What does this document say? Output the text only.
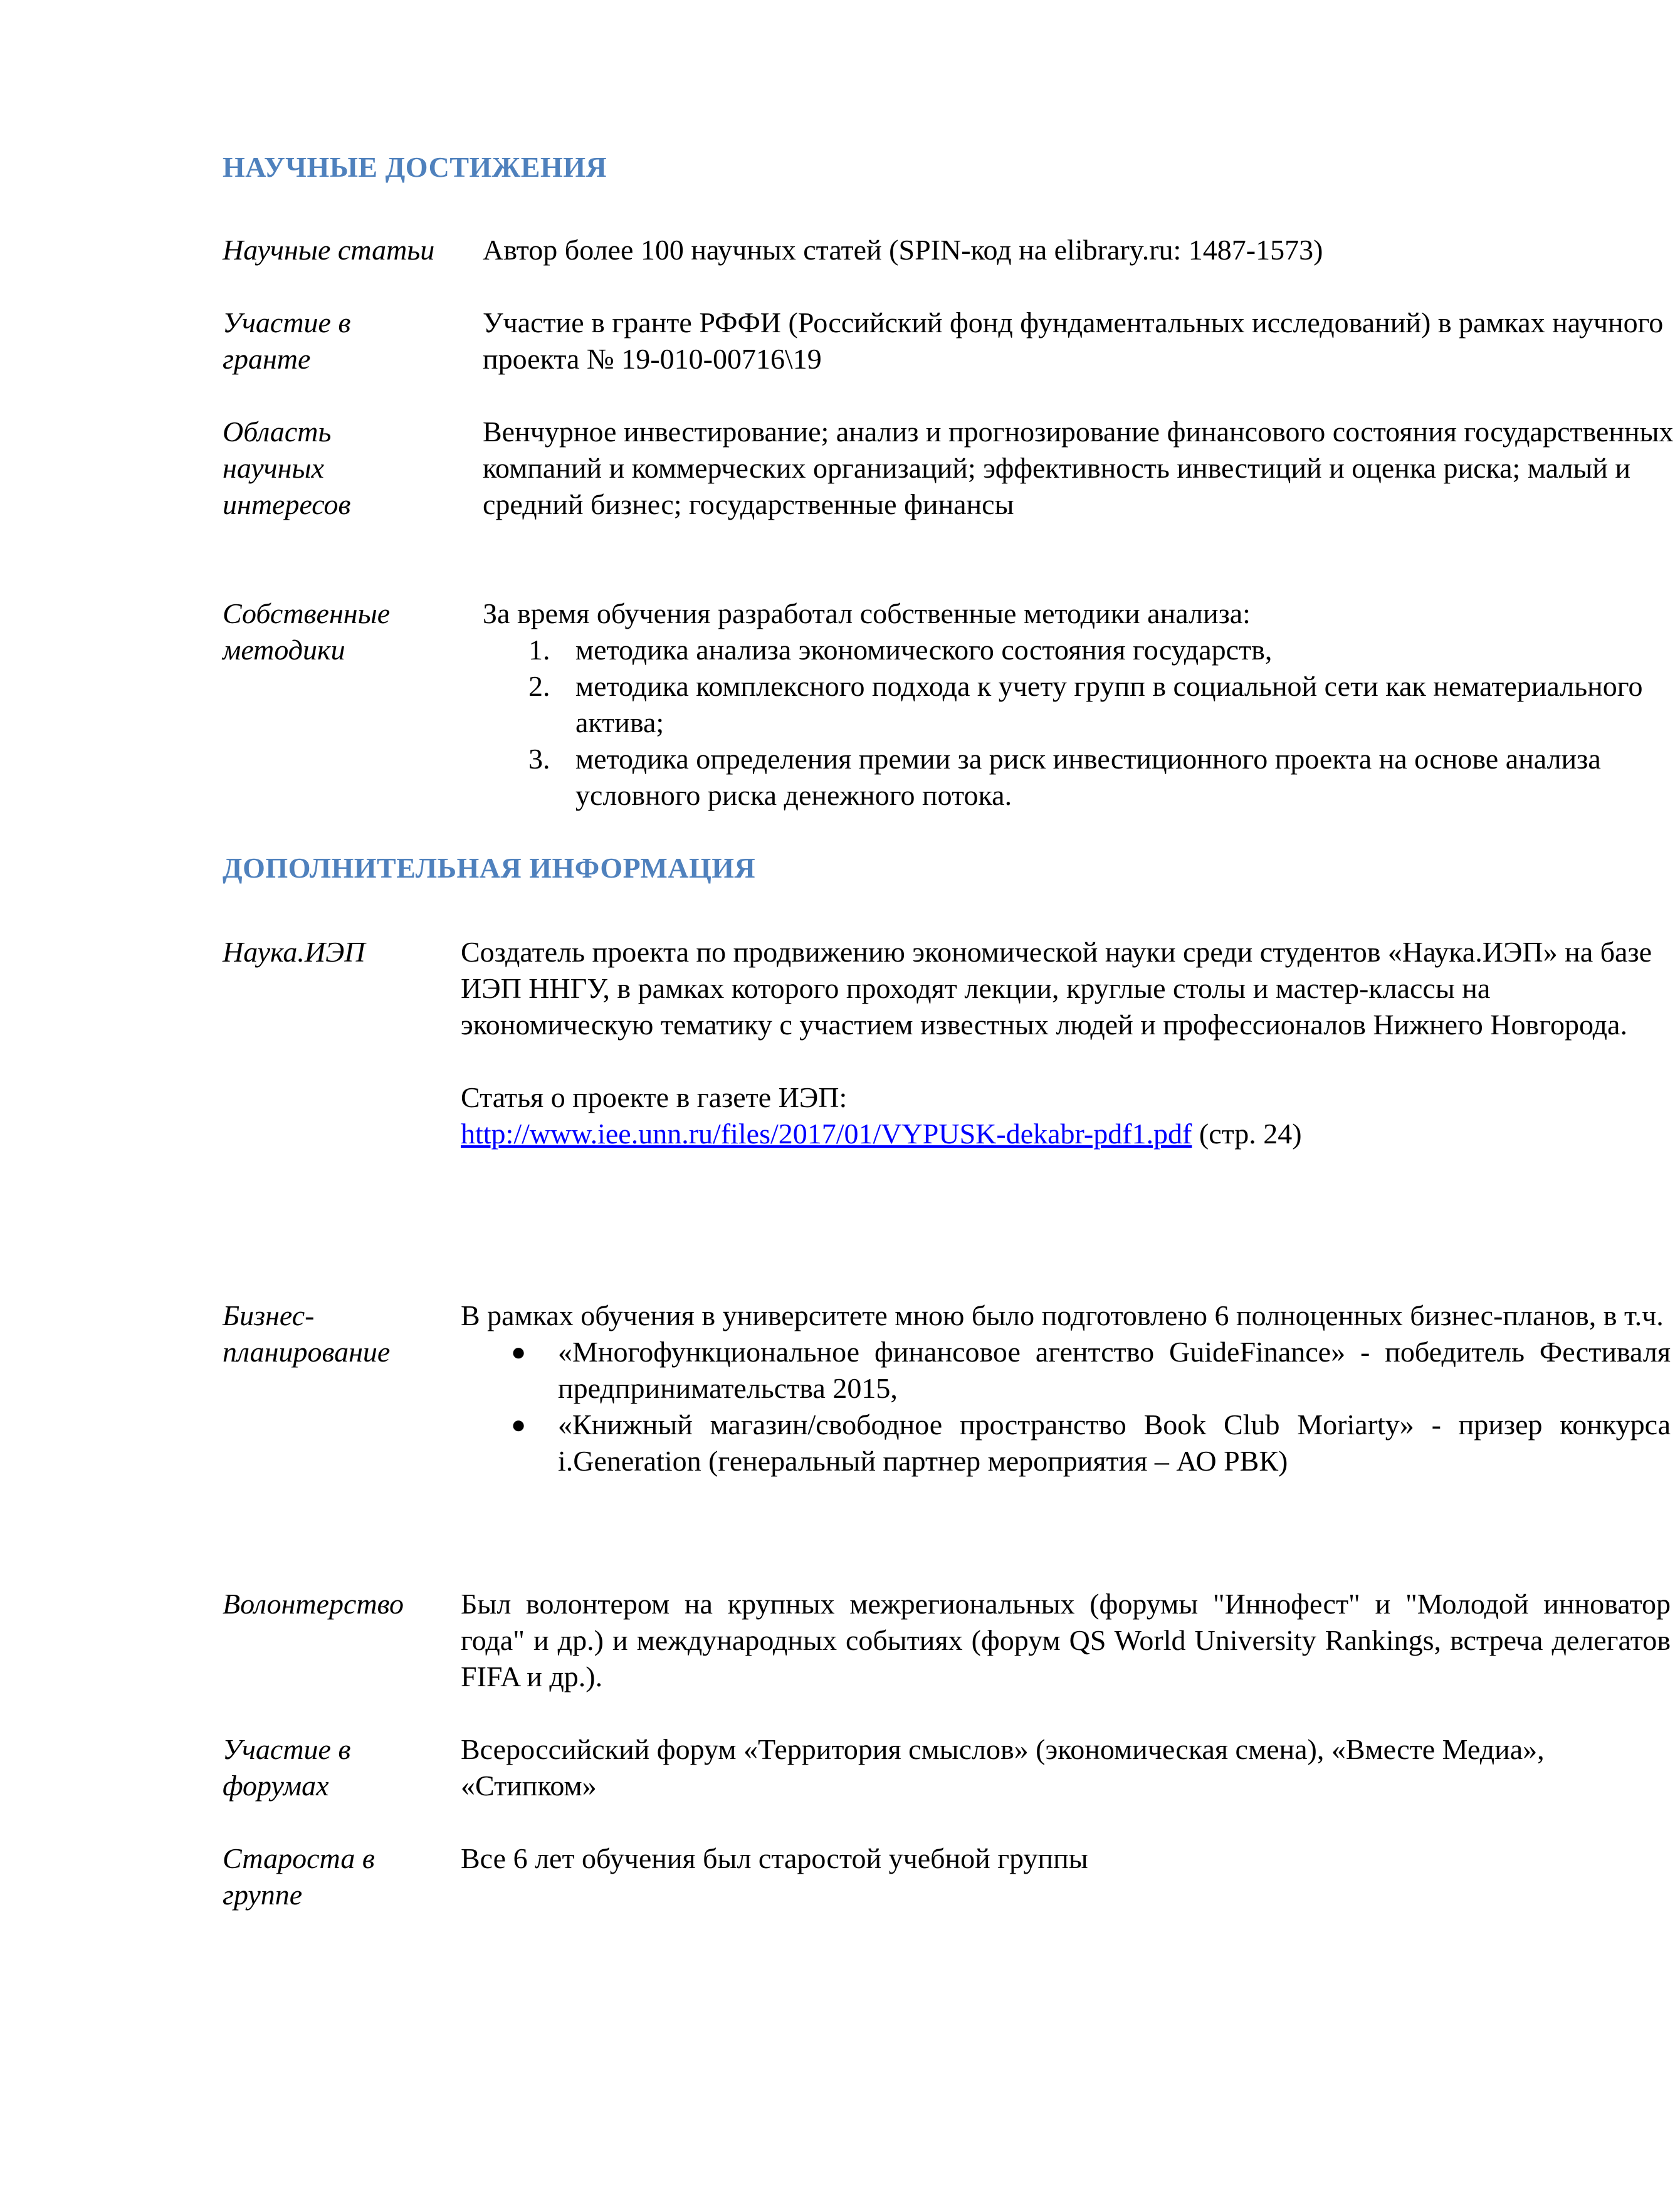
НАУЧНЫЕ ДОСТИЖЕНИЯ
Научные статьи Автор более 100 научных статей (SPIN-код на elibrary.ru: 1487-1573)

Участие в
гранте

Участие в гранте РФФИ (Российский фонд фундаментальных исследований) в рамках научного проекта № 19-010-00716\19

Область
научных
интересов

Венчурное инвестирование; анализ и прогнозирование финансового состояния государственных компаний и коммерческих организаций; эффективность инвестиций и оценка риска; малый и средний бизнес; государственные финансы

Собственные
методики

За время обучения разработал собственные методики анализа:

1. методика анализа экономического состояния государств,
2. методика комплексного подхода к учету групп в социальной сети как нематериального актива;
3. методика определения премии за риск инвестиционного проекта на основе анализа условного риска денежного потока.
ДОПОЛНИТЕЛЬНАЯ ИНФОРМАЦИЯ
Наука.ИЭП	Создатель проекта по продвижению экономической науки среди студентов «Наука.ИЭП» на базе ИЭП ННГУ, в рамках которого проходят лекции, круглые столы и мастер-классы на экономическую тематику с участием известных людей и профессионалов Нижнего Новгорода.

Статья о проекте в газете ИЭП:

http://www.iee.unn.ru/files/2017/01/VYPUSK-dekabr-pdf1.pdf (стр. 24)

Бизнес-
планирование

В рамках обучения в университете мною было подготовлено 6 полноценных бизнес-планов, в т.ч.

● «Многофункциональное финансовое агентство GuideFinance» - победитель Фестиваля предпринимательства 2015,
● «Книжный магазин/свободное пространство Book Club Moriarty» - призер конкурса i.Generation (генеральный партнер мероприятия – АО РВК)
Волонтерство Был волонтером на крупных межрегиональных (форумы "Иннофест" и "Молодой инноватор года" и др.) и международных событиях (форум QS World University Rankings, встреча делегатов FIFA и др.).

Участие в
форумах

Всероссийский форум «Территория смыслов» (экономическая смена), «Вместе Медиа», «Стипком»

Староста в
группе

Все 6 лет обучения был старостой учебной группы
